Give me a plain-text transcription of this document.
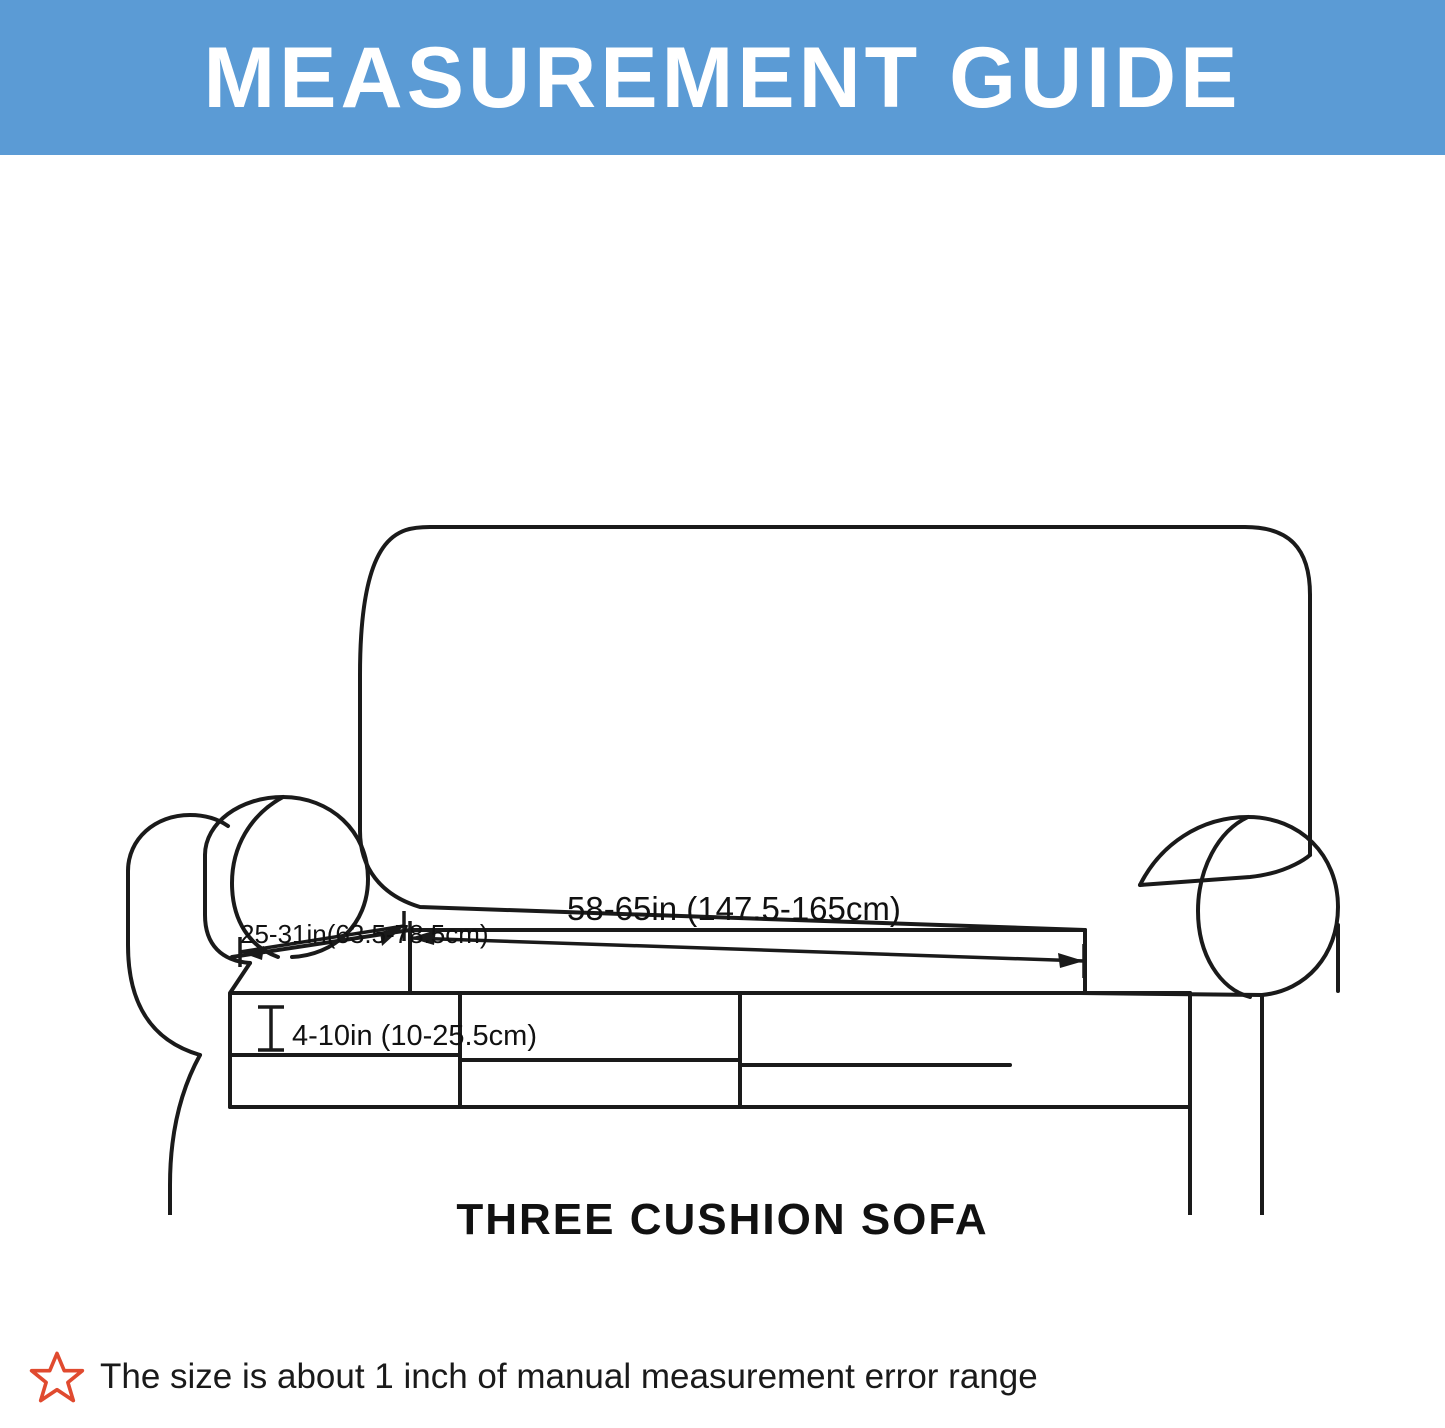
MEASUREMENT GUIDE
58-65in (147.5-165cm)
25-31in(63.5-78.5cm)
4-10in (10-25.5cm)
THREE CUSHION SOFA
The size is about 1 inch of manual measurement error range
